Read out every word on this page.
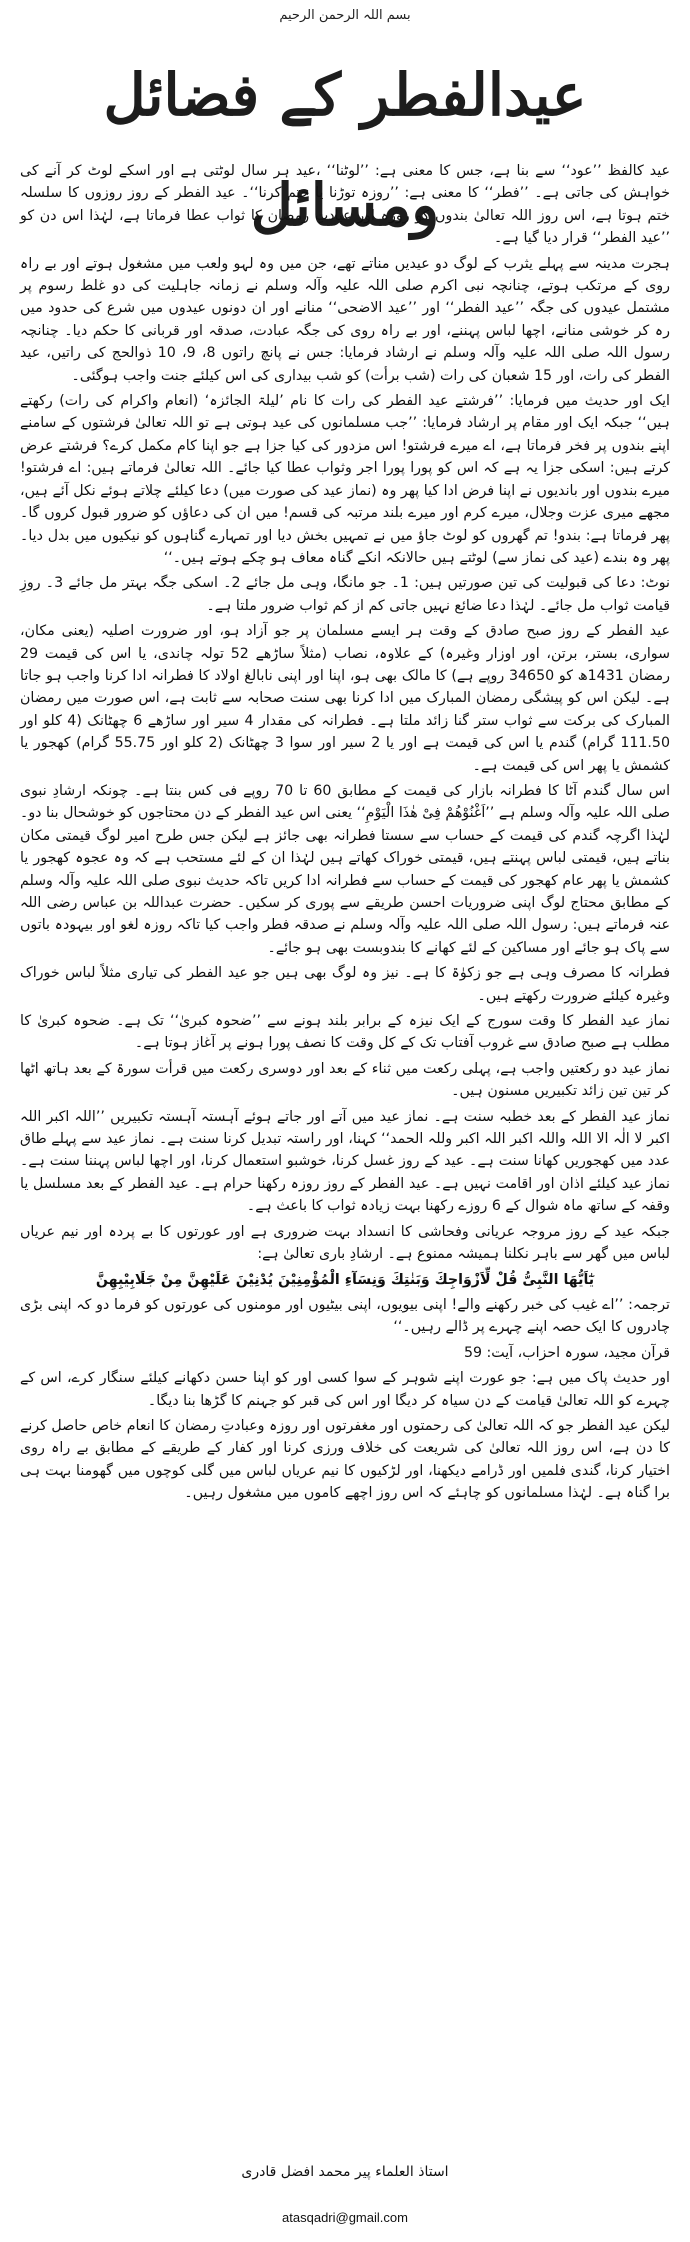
بسم اللہ الرحمن الرحیم
عیدالفطر کے فضائل ومسائل

عید کالفظ ’’عود‘‘ سے بنا ہے، جس کا معنی ہے: ’’لوٹنا‘‘ ،عید ہر سال لوٹتی ہے اور اسکے لوٹ کر آنے کی خواہش کی جاتی ہے۔ ’’فطر‘‘ کا معنی ہے: ’’روزہ توڑنا یا ختم کرنا‘‘۔ عید الفطر کے روز روزوں کا سلسلہ ختم ہوتا ہے، اس روز اللہ تعالیٰ بندوں کو روزہ اور عبادتِ رمضان کا ثواب عطا فرماتا ہے، لہٰذا اس دن کو ’’عید الفطر‘‘ قرار دیا گیا ہے۔

ہجرت مدینہ سے پہلے یثرب کے لوگ دو عیدیں مناتے تھے، جن میں وہ لہو ولعب میں مشغول ہوتے اور بے راہ روی کے مرتکب ہوتے، چنانچہ نبی اکرم صلی اللہ علیہ وآلہ وسلم نے زمانہ جاہلیت کی دو غلط رسوم پر مشتمل عیدوں کی جگہ ’’عید الفطر‘‘ اور ’’عید الاضحی‘‘ منانے اور ان دونوں عیدوں میں شرع کی حدود میں رہ کر خوشی منانے، اچھا لباس پہننے، اور بے راہ روی کی جگہ عبادت، صدقہ اور قربانی کا حکم دیا۔ چنانچہ رسول اللہ صلی اللہ علیہ وآلہ وسلم نے ارشاد فرمایا: جس نے پانچ راتوں 8، 9، 10 ذوالحج کی راتیں، عید الفطر کی رات، اور 15 شعبان کی رات (شب برأت) کو شب بیداری کی اس کیلئے جنت واجب ہوگئی۔

ایک اور حدیث میں فرمایا: ’’فرشتے عید الفطر کی رات کا نام ’لیلۃ الجائزہ‘ (انعام واکرام کی رات) رکھتے ہیں‘‘ جبکہ ایک اور مقام پر ارشاد فرمایا: ’’جب مسلمانوں کی عید ہوتی ہے تو اللہ تعالیٰ فرشتوں کے سامنے اپنے بندوں پر فخر فرماتا ہے، اے میرے فرشتو! اس مزدور کی کیا جزا ہے جو اپنا کام مکمل کرے؟ فرشتے عرض کرتے ہیں: اسکی جزا یہ ہے کہ اس کو پورا پورا اجر وثواب عطا کیا جائے۔ اللہ تعالیٰ فرماتے ہیں: اے فرشتو! میرے بندوں اور باندیوں نے اپنا فرض ادا کیا پھر وہ (نماز عید کی صورت میں) دعا کیلئے چلاتے ہوئے نکل آئے ہیں، مجھے میری عزت وجلال، میرے کرم اور میرے بلند مرتبہ کی قسم! میں ان کی دعاؤں کو ضرور قبول کروں گا۔ پھر فرماتا ہے: بندو! تم گھروں کو لوٹ جاؤ میں نے تمہیں بخش دیا اور تمہارے گناہوں کو نیکیوں میں بدل دیا۔ پھر وہ بندے (عید کی نماز سے) لوٹتے ہیں حالانکہ انکے گناہ معاف ہو چکے ہوتے ہیں۔‘‘

نوٹ: دعا کی قبولیت کی تین صورتیں ہیں: 1۔ جو مانگا، وہی مل جائے 2۔ اسکی جگہ بہتر مل جائے 3۔ روزِ قیامت ثواب مل جائے۔ لہٰذا دعا ضائع نہیں جاتی کم از کم ثواب ضرور ملتا ہے۔

عید الفطر کے روز صبح صادق کے وقت ہر ایسے مسلمان پر جو آزاد ہو، اور ضرورت اصلیہ (یعنی مکان، سواری، بستر، برتن، اور اوزار وغیرہ) کے علاوہ، نصاب (مثلاً ساڑھے 52 تولہ چاندی، یا اس کی قیمت 29 رمضان 1431ھ کو 34650 روپے ہے) کا مالک بھی ہو، اپنا اور اپنی نابالغ اولاد کا فطرانہ ادا کرنا واجب ہو جاتا ہے۔ لیکن اس کو پیشگی رمضان المبارک میں ادا کرنا بھی سنت صحابہ سے ثابت ہے، اس صورت میں رمضان المبارک کی برکت سے ثواب ستر گنا زائد ملتا ہے۔ فطرانہ کی مقدار 4 سیر اور ساڑھے 6 چھٹانک (4 کلو اور 111.50 گرام) گندم یا اس کی قیمت ہے اور یا 2 سیر اور سوا 3 چھٹانک (2 کلو اور 55.75 گرام) کھجور یا کشمش یا پھر اس کی قیمت ہے۔

اس سال گندم آٹا کا فطرانہ بازار کی قیمت کے مطابق 60 تا 70 روپے فی کس بنتا ہے۔ چونکہ ارشادِ نبوی صلی اللہ علیہ وآلہ وسلم ہے ’’اَغْنُوْھُمْ فِیْ ھٰذَا الْیَوْمِ‘‘ یعنی اس عید الفطر کے دن محتاجوں کو خوشحال بنا دو۔ لہٰذا اگرچہ گندم کی قیمت کے حساب سے سستا فطرانہ بھی جائز ہے لیکن جس طرح امیر لوگ قیمتی مکان بناتے ہیں، قیمتی لباس پہنتے ہیں، قیمتی خوراک کھاتے ہیں لہٰذا ان کے لئے مستحب ہے کہ وہ عجوہ کھجور یا کشمش یا پھر عام کھجور کی قیمت کے حساب سے فطرانہ ادا کریں تاکہ حدیث نبوی صلی اللہ علیہ وآلہ وسلم کے مطابق محتاج لوگ اپنی ضروریات احسن طریقے سے پوری کر سکیں۔ حضرت عبداللہ بن عباس رضی اللہ عنہ فرماتے ہیں: رسول اللہ صلی اللہ علیہ وآلہ وسلم نے صدقہ فطر واجب کیا تاکہ روزہ لغو اور بیہودہ باتوں سے پاک ہو جائے اور مساکین کے لئے کھانے کا بندوبست بھی ہو جائے۔

فطرانہ کا مصرف وہی ہے جو زکوٰۃ کا ہے۔ نیز وہ لوگ بھی ہیں جو عید الفطر کی تیاری مثلاً لباس خوراک وغیرہ کیلئے ضرورت رکھتے ہیں۔

نماز عید الفطر کا وقت سورج کے ایک نیزہ کے برابر بلند ہونے سے ’’ضحوہ کبریٰ‘‘ تک ہے۔ ضحوہ کبریٰ کا مطلب ہے صبح صادق سے غروب آفتاب تک کے کل وقت کا نصف پورا ہونے پر آغاز ہوتا ہے۔

نماز عید دو رکعتیں واجب ہے، پہلی رکعت میں ثناء کے بعد اور دوسری رکعت میں قرأت سورۃ کے بعد ہاتھ اٹھا کر تین تین زائد تکبیریں مسنون ہیں۔

نماز عید الفطر کے بعد خطبہ سنت ہے۔ نماز عید میں آتے اور جاتے ہوئے آہستہ آہستہ تکبیریں ’’اللہ اکبر اللہ اکبر لا الٰہ الا اللہ واللہ اکبر اللہ اکبر وللہ الحمد‘‘ کہنا، اور راستہ تبدیل کرنا سنت ہے۔ نماز عید سے پہلے طاق عدد میں کھجوریں کھانا سنت ہے۔ عید کے روز غسل کرنا، خوشبو استعمال کرنا، اور اچھا لباس پہننا سنت ہے۔ نماز عید کیلئے اذان اور اقامت نہیں ہے۔ عید الفطر کے روز روزہ رکھنا حرام ہے۔ عید الفطر کے بعد مسلسل یا وقفہ کے ساتھ ماہ شوال کے 6 روزے رکھنا بہت زیادہ ثواب کا باعث ہے۔

جبکہ عید کے روز مروجہ عریانی وفحاشی کا انسداد بہت ضروری ہے اور عورتوں کا بے پردہ اور نیم عریاں لباس میں گھر سے باہر نکلنا ہمیشہ ممنوع ہے۔ ارشادِ باری تعالیٰ ہے:

یٰٓاَیُّهَا النَّبِیُّ قُلْ لِّاَزْوَاجِكَ وَبَنٰتِكَ وَنِسَآءِ الْمُؤْمِنِیْنَ یُدْنِیْنَ عَلَیْهِنَّ مِنْ جَلَابِیْبِهِنَّ

ترجمہ: ’’اے غیب کی خبر رکھنے والے! اپنی بیویوں، اپنی بیٹیوں اور مومنوں کی عورتوں کو فرما دو کہ اپنی بڑی چادروں کا ایک حصہ اپنے چہرے پر ڈالے رہیں۔‘‘

قرآن مجید، سورہ احزاب، آیت: 59

اور حدیث پاک میں ہے: جو عورت اپنے شوہر کے سوا کسی اور کو اپنا حسن دکھانے کیلئے سنگار کرے، اس کے چہرے کو اللہ تعالیٰ قیامت کے دن سیاہ کر دیگا اور اس کی قبر کو جہنم کا گڑھا بنا دیگا۔

لیکن عید الفطر جو کہ اللہ تعالیٰ کی رحمتوں اور مغفرتوں اور روزہ وعبادتِ رمضان کا انعام خاص حاصل کرنے کا دن ہے، اس روز اللہ تعالیٰ کی شریعت کی خلاف ورزی کرنا اور کفار کے طریقے کے مطابق بے راہ روی اختیار کرنا، گندی فلمیں اور ڈرامے دیکھنا، اور لڑکیوں کا نیم عریاں لباس میں گلی کوچوں میں گھومنا بہت ہی برا گناہ ہے۔ لہٰذا مسلمانوں کو چاہئے کہ اس روز اچھے کاموں میں مشغول رہیں۔

استاذ العلماء پیر محمد افضل قادری
atasqadri@gmail.com
